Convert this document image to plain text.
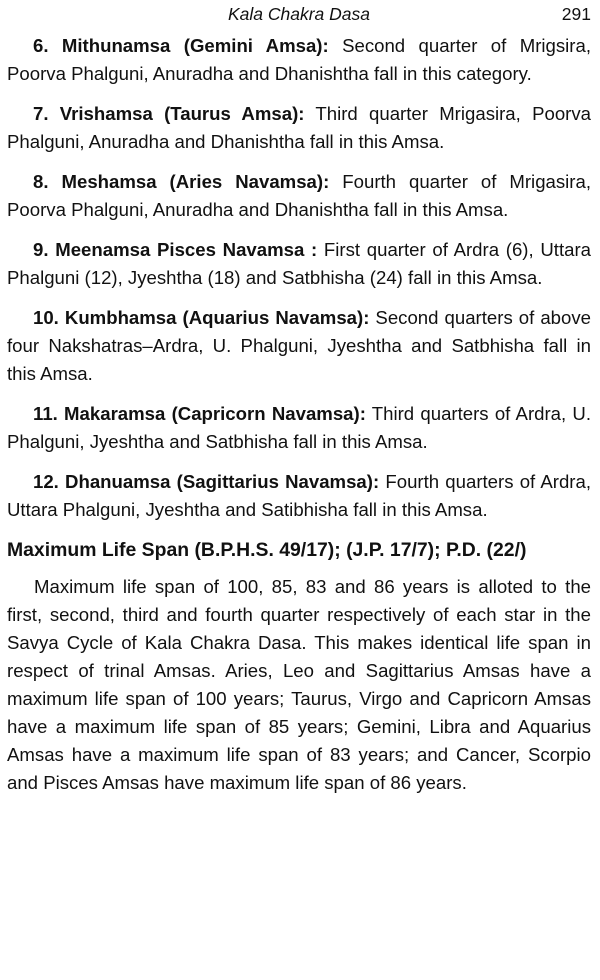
Kala Chakra Dasa	291

6. Mithunamsa (Gemini Amsa): Second quarter of Mrigsira, Poorva Phalguni, Anuradha and Dhanishtha fall in this category.

7. Vrishamsa (Taurus Amsa): Third quarter Mrigasira, Poorva Phalguni, Anuradha and Dhanishtha fall in this Amsa.

8. Meshamsa (Aries Navamsa): Fourth quarter of Mrigasira, Poorva Phalguni, Anuradha and Dhanishtha fall in this Amsa.

9. Meenamsa Pisces Navamsa : First quarter of Ardra (6), Uttara Phalguni (12), Jyeshtha (18) and Satbhisha (24) fall in this Amsa.

10. Kumbhamsa (Aquarius Navamsa): Second quarters of above four Nakshatras–Ardra, U. Phalguni, Jyeshtha and Satbhisha fall in this Amsa.

11. Makaramsa (Capricorn Navamsa): Third quarters of Ardra, U. Phalguni, Jyeshtha and Satbhisha fall in this Amsa.

12. Dhanuamsa (Sagittarius Navamsa): Fourth quarters of Ardra, Uttara Phalguni, Jyeshtha and Satibhisha fall in this Amsa.

Maximum Life Span (B.P.H.S. 49/17); (J.P. 17/7); P.D. (22/)

Maximum life span of 100, 85, 83 and 86 years is alloted to the first, second, third and fourth quarter respectively of each star in the Savya Cycle of Kala Chakra Dasa. This makes identical life span in respect of trinal Amsas. Aries, Leo and Sagittarius Amsas have a maximum life span of 100 years; Taurus, Virgo and Capricorn Amsas have a maximum life span of 85 years; Gemini, Libra and Aquarius Amsas have a maximum life span of 83 years; and Cancer, Scorpio and Pisces Amsas have maximum life span of 86 years.
